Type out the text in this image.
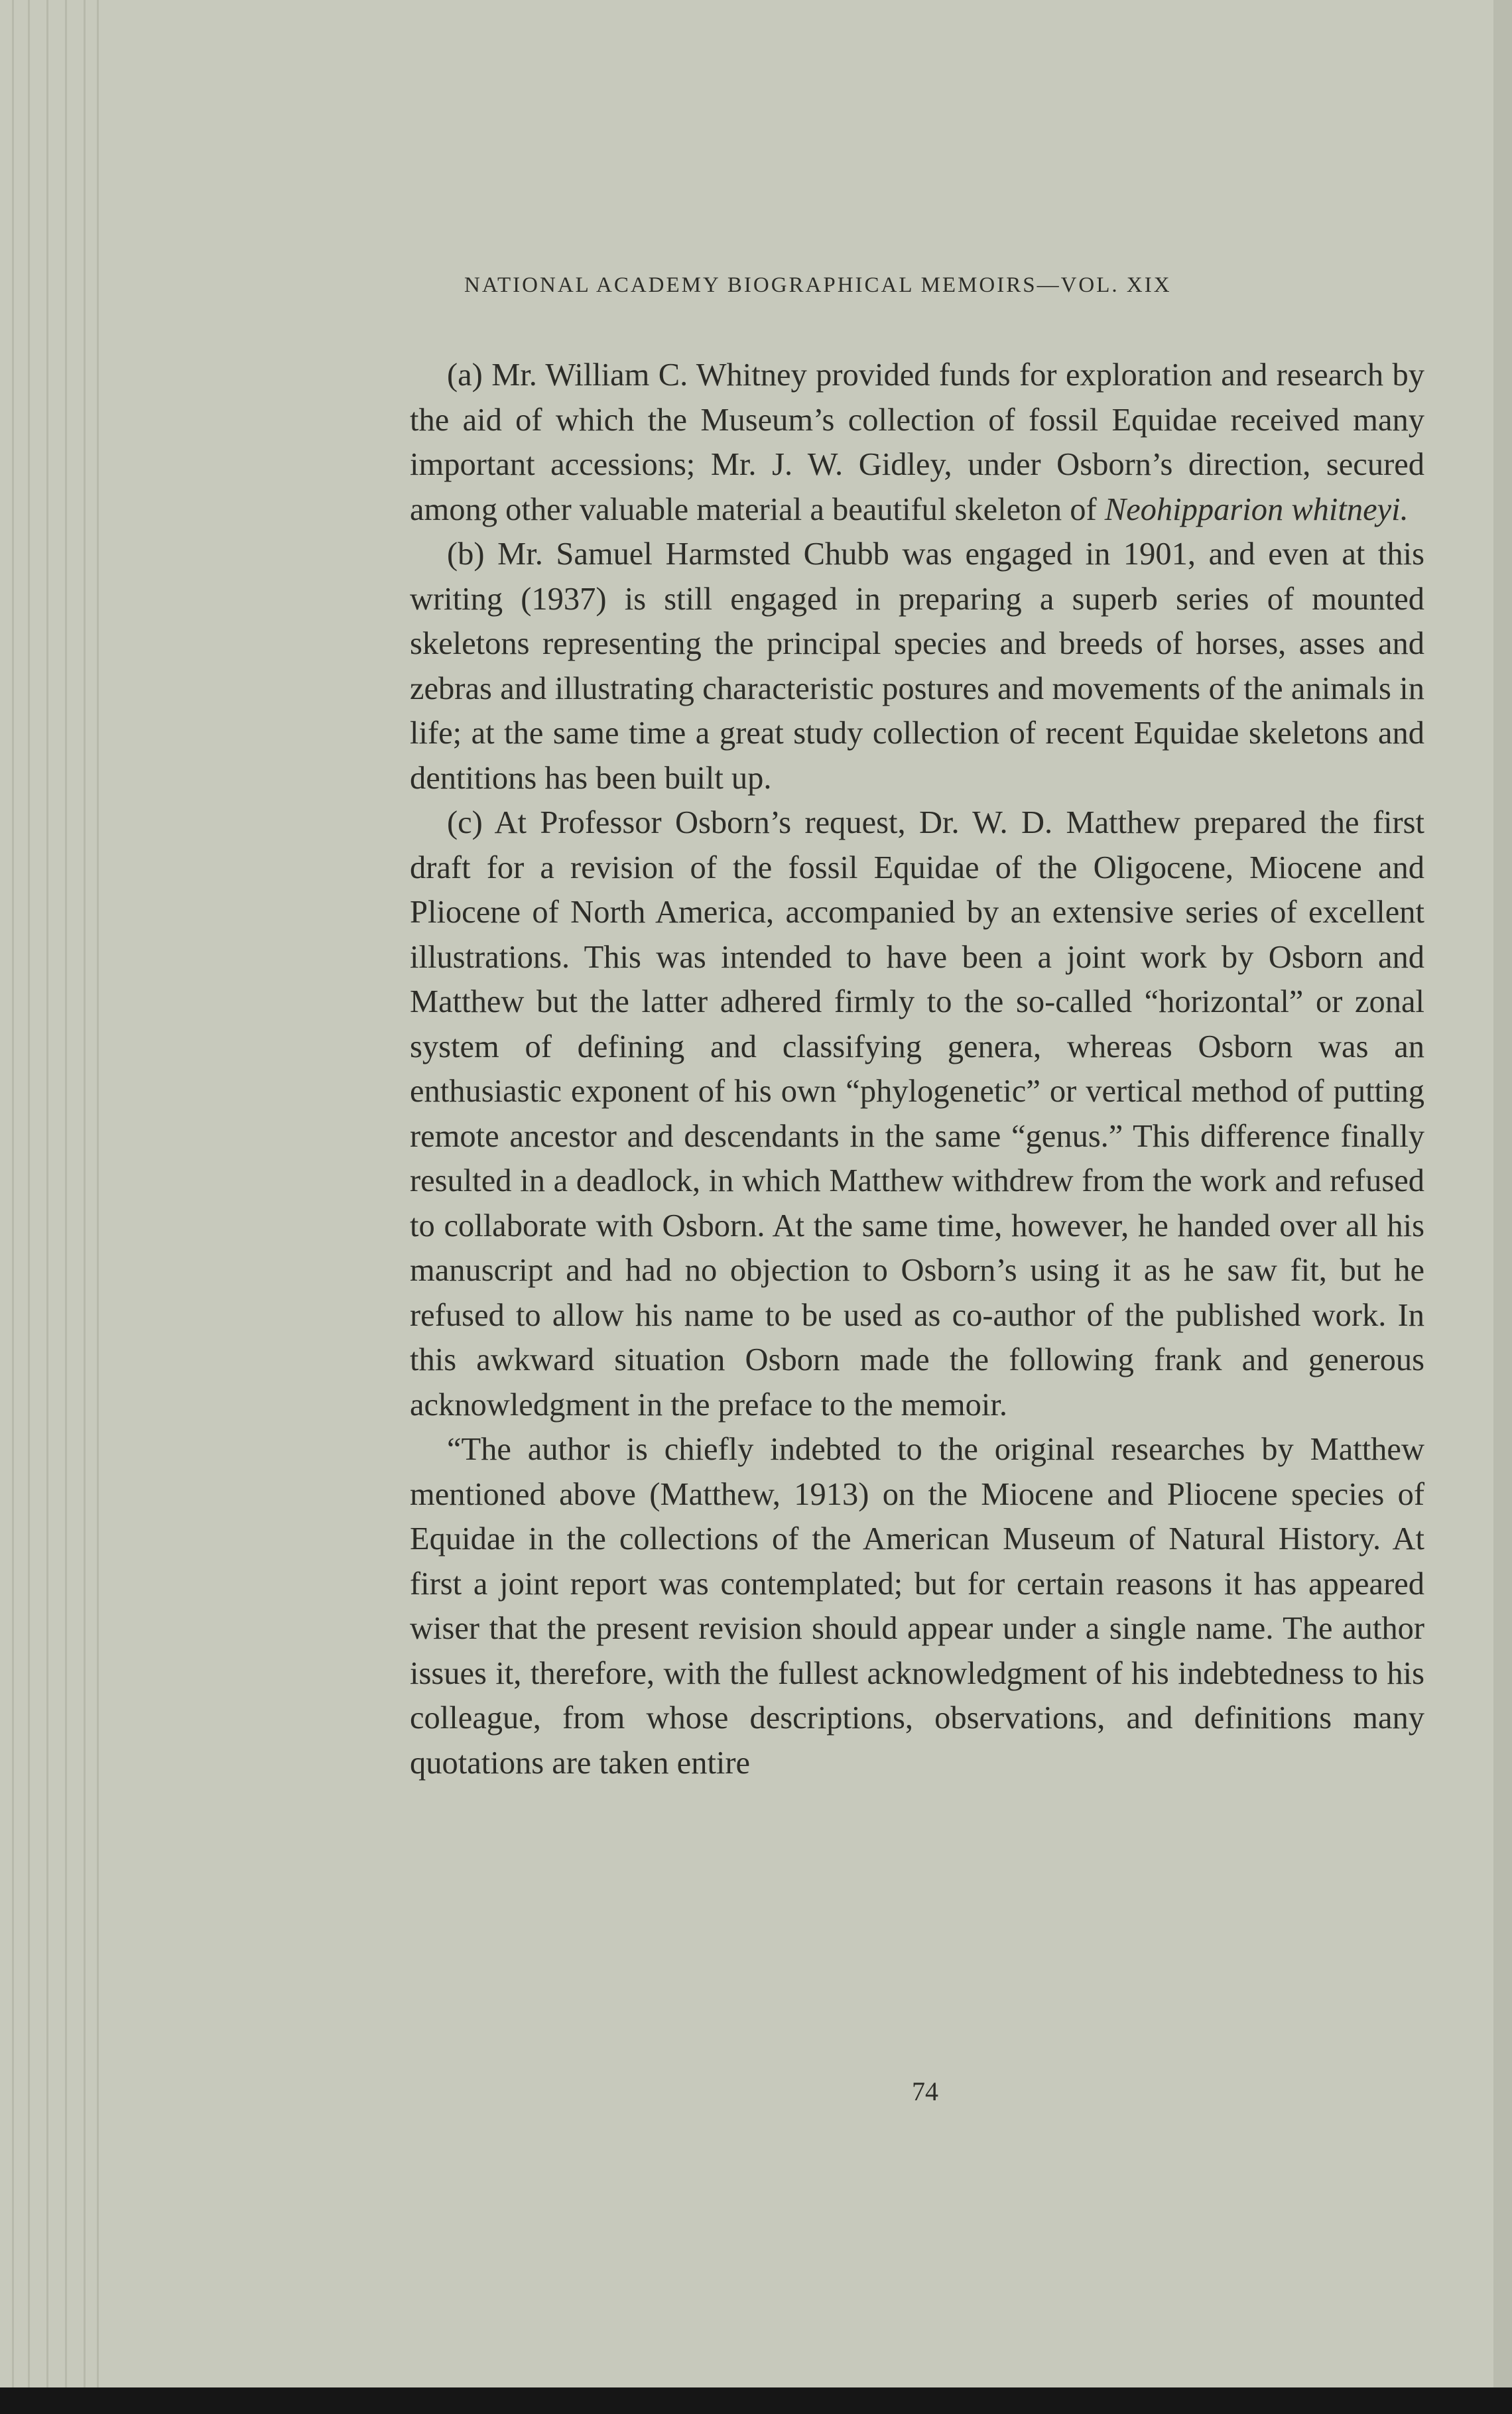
NATIONAL ACADEMY BIOGRAPHICAL MEMOIRS—VOL. XIX

(a) Mr. William C. Whitney provided funds for exploration and research by the aid of which the Museum’s collection of fossil Equidae received many important accessions; Mr. J. W. Gidley, under Osborn’s direction, secured among other valuable material a beautiful skeleton of Neohipparion whitneyi.

(b) Mr. Samuel Harmsted Chubb was engaged in 1901, and even at this writing (1937) is still engaged in preparing a superb series of mounted skeletons representing the principal species and breeds of horses, asses and zebras and illustrating characteristic postures and movements of the animals in life; at the same time a great study collection of recent Equidae skeletons and dentitions has been built up.

(c) At Professor Osborn’s request, Dr. W. D. Matthew prepared the first draft for a revision of the fossil Equidae of the Oligocene, Miocene and Pliocene of North America, accompanied by an extensive series of excellent illustrations. This was intended to have been a joint work by Osborn and Matthew but the latter adhered firmly to the so-called “horizontal” or zonal system of defining and classifying genera, whereas Osborn was an enthusiastic exponent of his own “phylogenetic” or vertical method of putting remote ancestor and descendants in the same “genus.” This difference finally resulted in a deadlock, in which Matthew withdrew from the work and refused to collaborate with Osborn. At the same time, however, he handed over all his manuscript and had no objection to Osborn’s using it as he saw fit, but he refused to allow his name to be used as co-author of the published work. In this awkward situation Osborn made the following frank and generous acknowledgment in the preface to the memoir.

“The author is chiefly indebted to the original researches by Matthew mentioned above (Matthew, 1913) on the Miocene and Pliocene species of Equidae in the collections of the American Museum of Natural History. At first a joint report was contemplated; but for certain reasons it has appeared wiser that the present revision should appear under a single name. The author issues it, therefore, with the fullest acknowledgment of his indebtedness to his colleague, from whose descriptions, observations, and definitions many quotations are taken entire

74
